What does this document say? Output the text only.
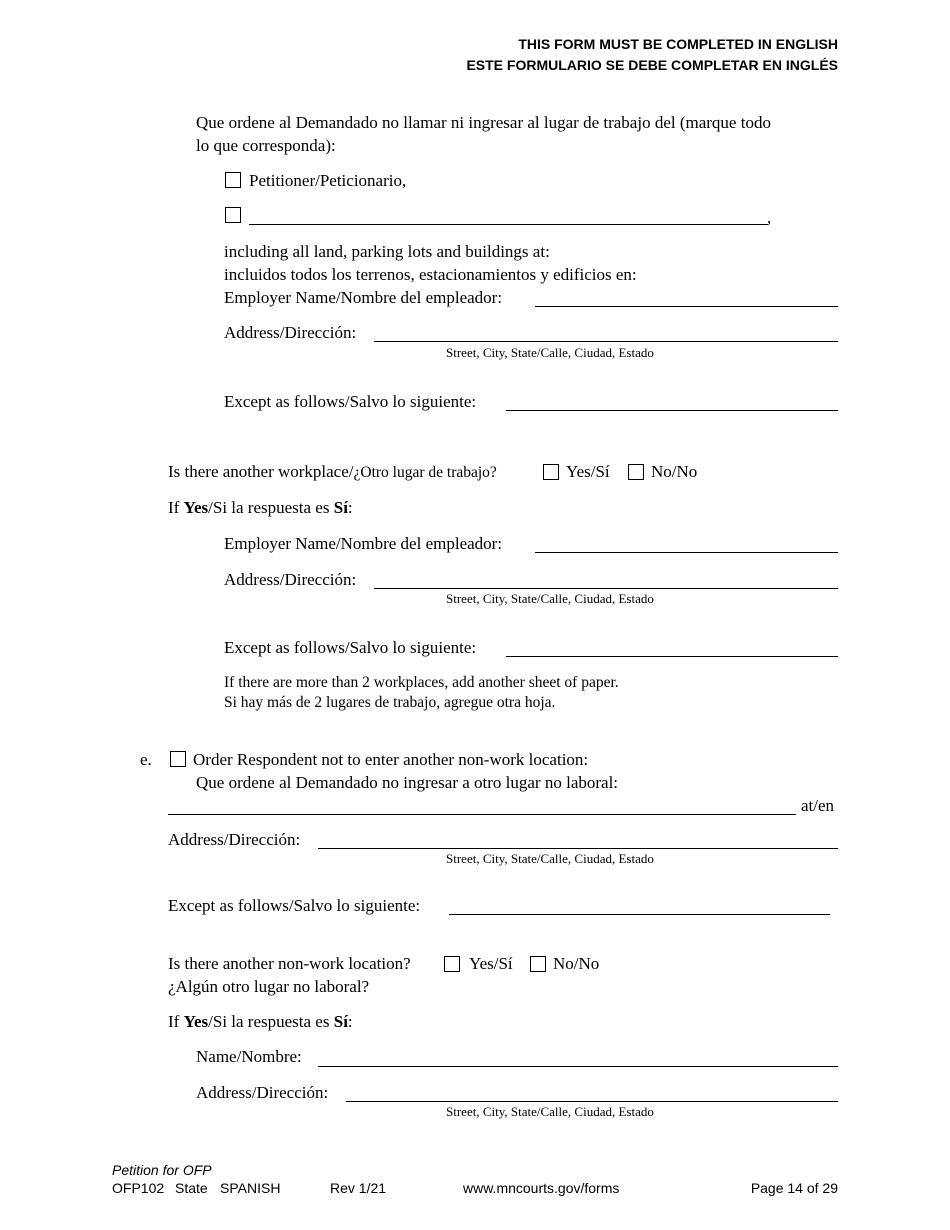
THIS FORM MUST BE COMPLETED IN ENGLISH
ESTE FORMULARIO SE DEBE COMPLETAR EN INGLÉS
Que ordene al Demandado no llamar ni ingresar al lugar de trabajo del (marque todo
lo que corresponda):
Petitioner/Peticionario,
,
including all land, parking lots and buildings at:
incluidos todos los terrenos, estacionamientos y edificios en:
Employer Name/Nombre del empleador:
Address/Dirección:
Street, City, State/Calle, Ciudad, Estado
Except as follows/Salvo lo siguiente:
Is there another workplace/¿Otro lugar de trabajo?	Yes/Sí No/No
If Yes/Si la respuesta es Sí:
Employer Name/Nombre del empleador:
Address/Dirección:
Street, City, State/Calle, Ciudad, Estado
Except as follows/Salvo lo siguiente:
If there are more than 2 workplaces, add another sheet of paper.
Si hay más de 2 lugares de trabajo, agregue otra hoja.
e. Order Respondent not to enter another non-work location:
Que ordene al Demandado no ingresar a otro lugar no laboral:
at/en
Address/Dirección:
Street, City, State/Calle, Ciudad, Estado
Except as follows/Salvo lo siguiente:
Is there another non-work location?	Yes/Sí No/No
¿Algún otro lugar no laboral?
If Yes/Si la respuesta es Sí:
Name/Nombre:
Address/Dirección:
Street, City, State/Calle, Ciudad, Estado
Petition for OFP
OFP102 State SPANISH	Rev 1/21	www.mncourts.gov/forms	Page 14 of 29
